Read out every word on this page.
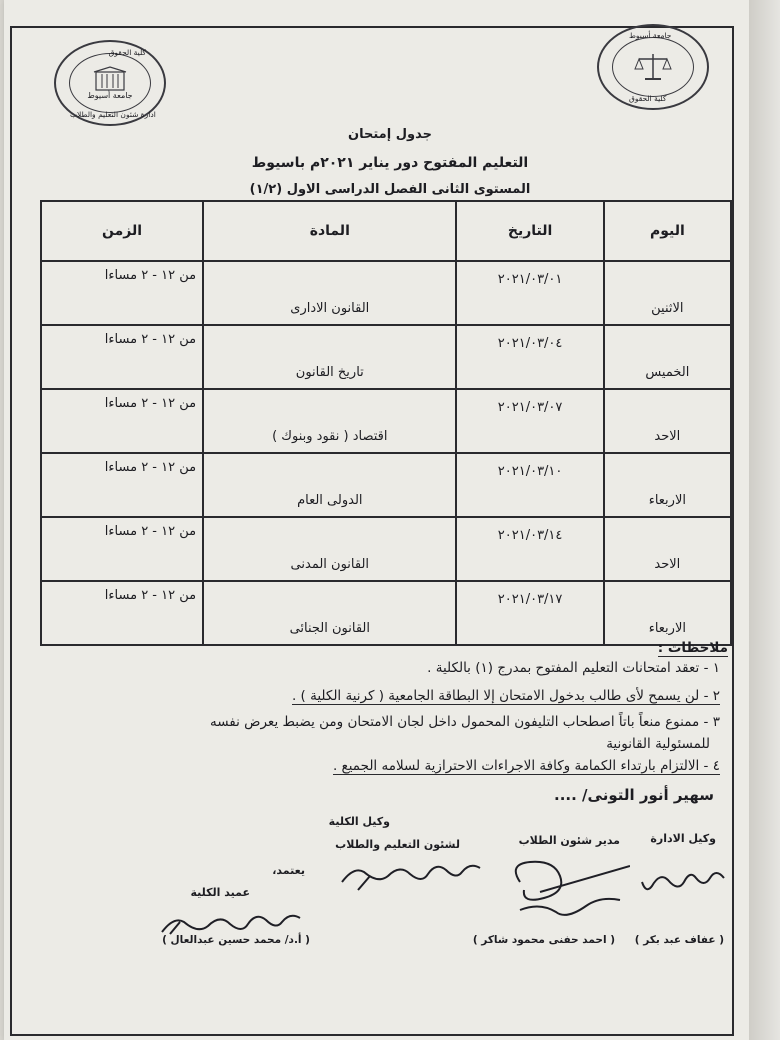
كلية الحقوق
جامعة أسيوط
ادارة شئون التعليم والطلاب
جامعة أسيوط
كلية الحقوق
جدول إمتحان
التعليم المفتوح دور يناير ٢٠٢١م باسيوط
المستوى الثانى الفصل الدراسى الاول (١/٢)
اليوم	التاريخ	المادة	الزمن

الاثنين	٢٠٢١/٠٣/٠١	القانون الادارى	من ١٢ - ٢ مساءا

الخميس	٢٠٢١/٠٣/٠٤	تاريخ القانون	من ١٢ - ٢ مساءا

الاحد	٢٠٢١/٠٣/٠٧	اقتصاد ( نقود وبنوك )	من ١٢ - ٢ مساءا

الاربعاء	٢٠٢١/٠٣/١٠	الدولى العام	من ١٢ - ٢ مساءا

الاحد	٢٠٢١/٠٣/١٤	القانون المدنى	من ١٢ - ٢ مساءا

الاربعاء	٢٠٢١/٠٣/١٧	القانون الجنائى	من ١٢ - ٢ مساءا
ملاحظات :
١ - تعقد امتحانات التعليم المفتوح بمدرج (١) بالكلية .
٢ - لن يسمح لأى طالب بدخول الامتحان إلا البطاقة الجامعية ( كرنية الكلية ) .
٣ - ممنوع منعاً باتاً اصطحاب التليفون المحمول داخل لجان الامتحان ومن يضبط يعرض نفسه
للمسئولية القانونية
٤ - الالتزام بارتداء الكمامة وكافة الاجراءات الاحترازية لسلامه الجميع .
سهير أنور التونى/ ....
وكيل الكلية
لشئون التعليم والطلاب	وكيل الادارة
مدير شئون الطلاب
يعتمد،
عميد الكلية
( عفاف عبد بكر )
( احمد حفنى محمود شاكر )
( أ.د/ محمد حسين عبدالعال )
